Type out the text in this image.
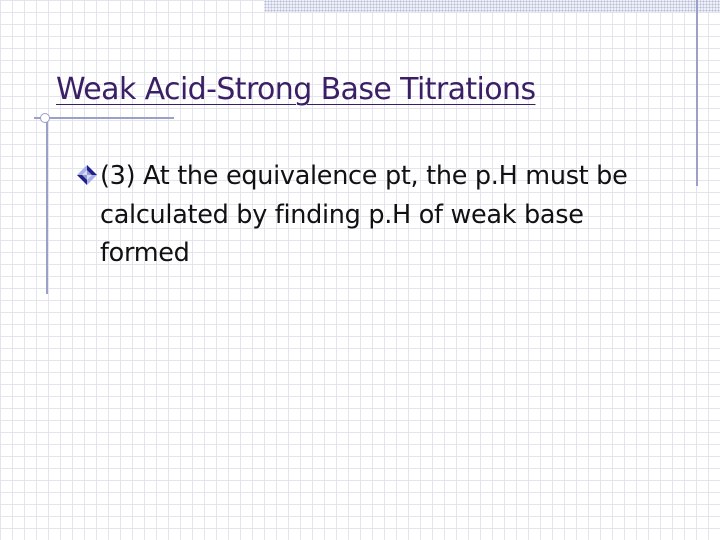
Weak Acid-Strong Base Titrations

(3) At the equivalence pt, the p.H must be calculated by finding p.H of weak base formed
